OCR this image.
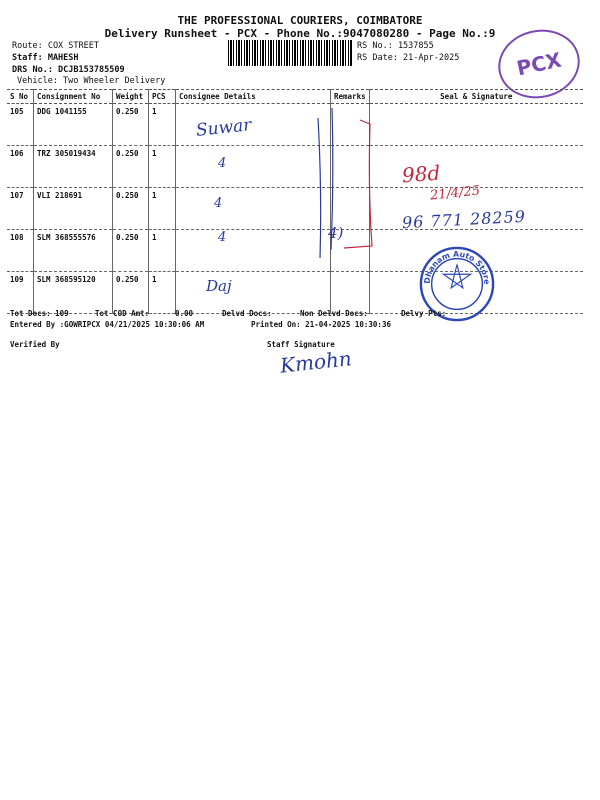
THE PROFESSIONAL COURIERS, COIMBATORE
Delivery Runsheet - PCX - Phone No.:9047080280 - Page No.:9
Route: COX STREET
Staff: MAHESH
DRS No.: DCJB153785509
Vehicle: Two Wheeler Delivery
RS No.: 1537855
RS Date: 21-Apr-2025	PCX
S No	Consignment No	Weight	PCS	Consignee Details	Remarks	Seal & Signature
105	DDG 1041155	0.250	1			
106	TRZ 305019434	0.250	1			
107	VLI 218691	0.250	1			
108	SLM 368555576	0.250	1			
109	SLM 368595120	0.250	1			
Suwar
4
4
4
Daj
4)
98d
21/4/25
96 771 28259
Dhanam Auto Store
Tot Docs: 109	Tot COD Amt:	0.00	Delvd Docs:	Non Delvd Docs:	Delvy Pts:
Entered By :GOWRIPCX 04/21/2025 10:30:06 AM	Printed On: 21-04-2025 10:30:36
Verified By	Staff Signature
Kmohn
